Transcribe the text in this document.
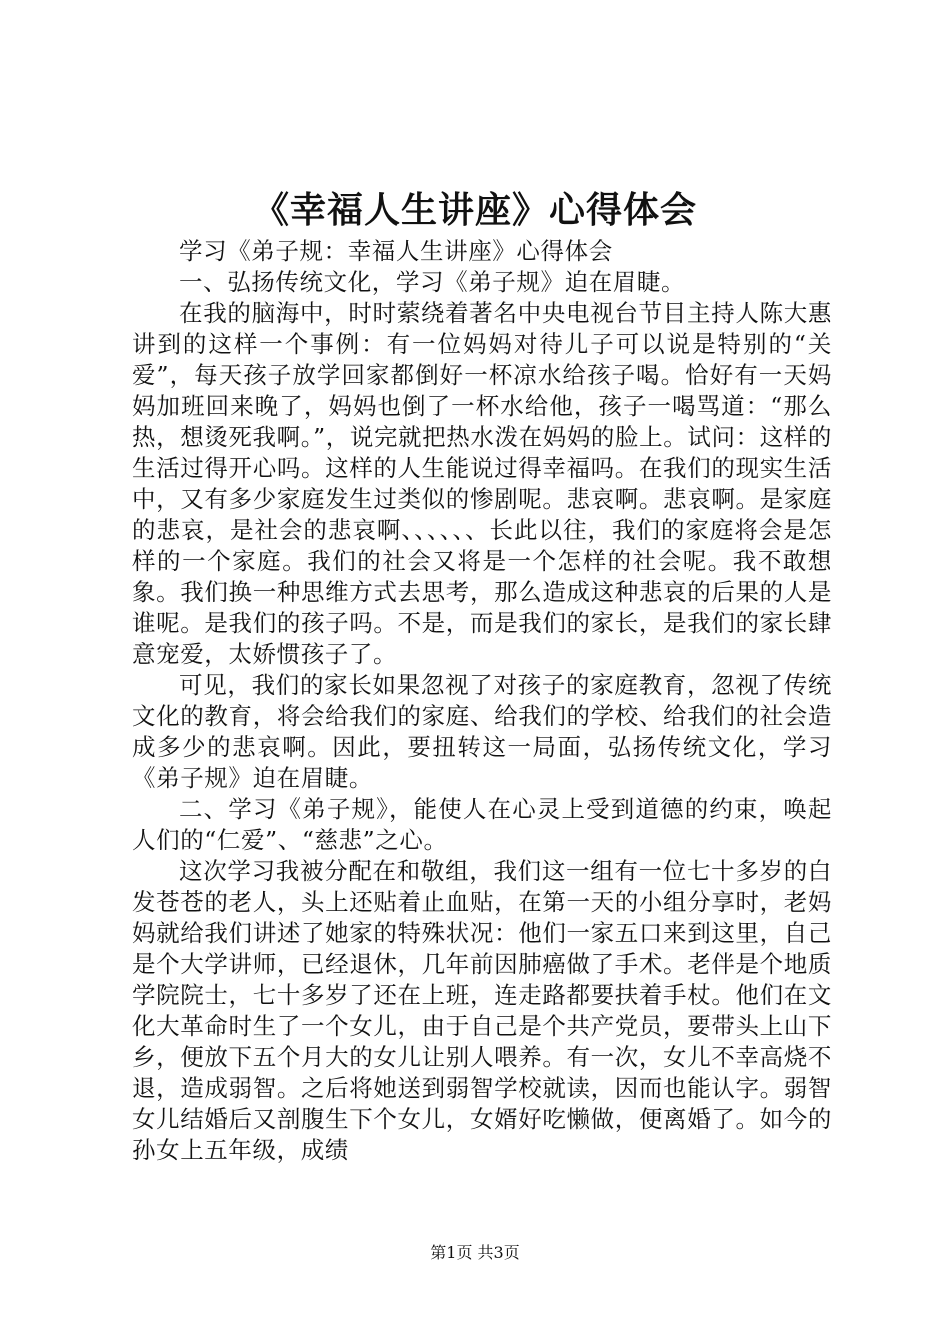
《幸福人生讲座》心得体会

学习《弟子规：幸福人生讲座》心得体会

一、弘扬传统文化，学习《弟子规》迫在眉睫。

在我的脑海中，时时萦绕着著名中央电视台节目主持人陈大惠讲到的这样一个事例：有一位妈妈对待儿子可以说是特别的“关爱”，每天孩子放学回家都倒好一杯凉水给孩子喝。恰好有一天妈妈加班回来晚了，妈妈也倒了一杯水给他，孩子一喝骂道：“那么热，想烫死我啊。”，说完就把热水泼在妈妈的脸上。试问：这样的生活过得开心吗。这样的人生能说过得幸福吗。在我们的现实生活中，又有多少家庭发生过类似的惨剧呢。悲哀啊。悲哀啊。是家庭的悲哀，是社会的悲哀啊、、、、、、长此以往，我们的家庭将会是怎样的一个家庭。我们的社会又将是一个怎样的社会呢。我不敢想象。我们换一种思维方式去思考，那么造成这种悲哀的后果的人是谁呢。是我们的孩子吗。不是，而是我们的家长，是我们的家长肆意宠爱，太娇惯孩子了。

可见，我们的家长如果忽视了对孩子的家庭教育，忽视了传统文化的教育，将会给我们的家庭、给我们的学校、给我们的社会造成多少的悲哀啊。因此，要扭转这一局面，弘扬传统文化，学习《弟子规》迫在眉睫。

二、学习《弟子规》，能使人在心灵上受到道德的约束，唤起人们的“仁爱”、“慈悲”之心。

这次学习我被分配在和敬组，我们这一组有一位七十多岁的白发苍苍的老人，头上还贴着止血贴，在第一天的小组分享时，老妈妈就给我们讲述了她家的特殊状况：他们一家五口来到这里，自己是个大学讲师，已经退休，几年前因肺癌做了手术。老伴是个地质学院院士，七十多岁了还在上班，连走路都要扶着手杖。他们在文化大革命时生了一个女儿，由于自己是个共产党员，要带头上山下乡，便放下五个月大的女儿让别人喂养。有一次，女儿不幸高烧不退，造成弱智。之后将她送到弱智学校就读，因而也能认字。弱智女儿结婚后又剖腹生下个女儿，女婿好吃懒做，便离婚了。如今的孙女上五年级，成绩

第1页 共3页
